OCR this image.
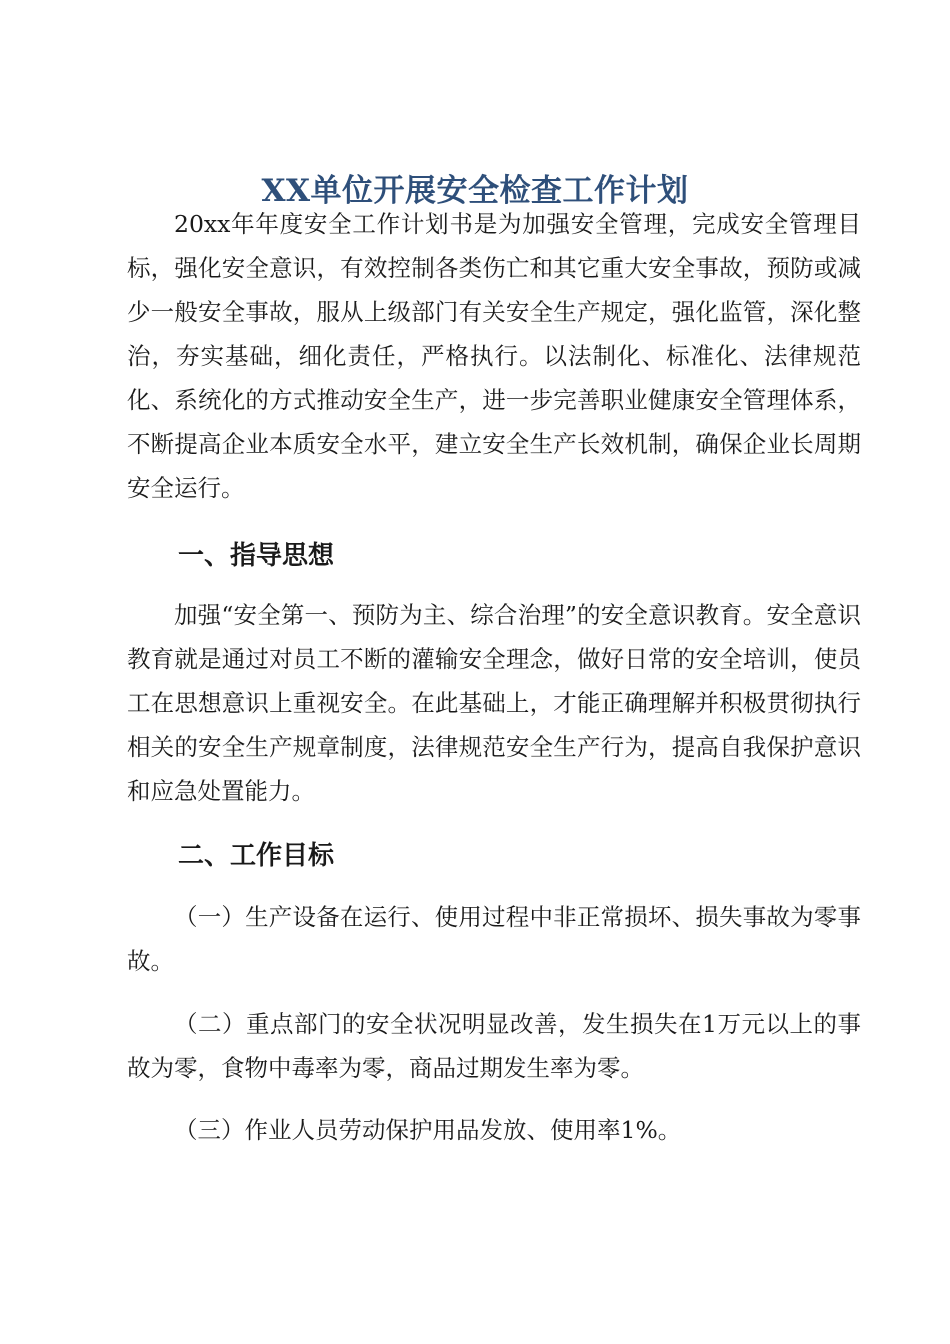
XX单位开展安全检查工作计划

20xx年年度安全工作计划书是为加强安全管理，完成安全管理目标，强化安全意识，有效控制各类伤亡和其它重大安全事故，预防或减少一般安全事故，服从上级部门有关安全生产规定，强化监管，深化整治，夯实基础，细化责任，严格执行。以法制化、标准化、法律规范化、系统化的方式推动安全生产，进一步完善职业健康安全管理体系，不断提高企业本质安全水平，建立安全生产长效机制，确保企业长周期安全运行。

一、指导思想

加强“安全第一、预防为主、综合治理”的安全意识教育。安全意识教育就是通过对员工不断的灌输安全理念，做好日常的安全培训，使员工在思想意识上重视安全。在此基础上，才能正确理解并积极贯彻执行相关的安全生产规章制度，法律规范安全生产行为，提高自我保护意识和应急处置能力。

二、工作目标

（一）生产设备在运行、使用过程中非正常损坏、损失事故为零事故。

（二）重点部门的安全状况明显改善，发生损失在1万元以上的事故为零，食物中毒率为零，商品过期发生率为零。

（三）作业人员劳动保护用品发放、使用率1%。
